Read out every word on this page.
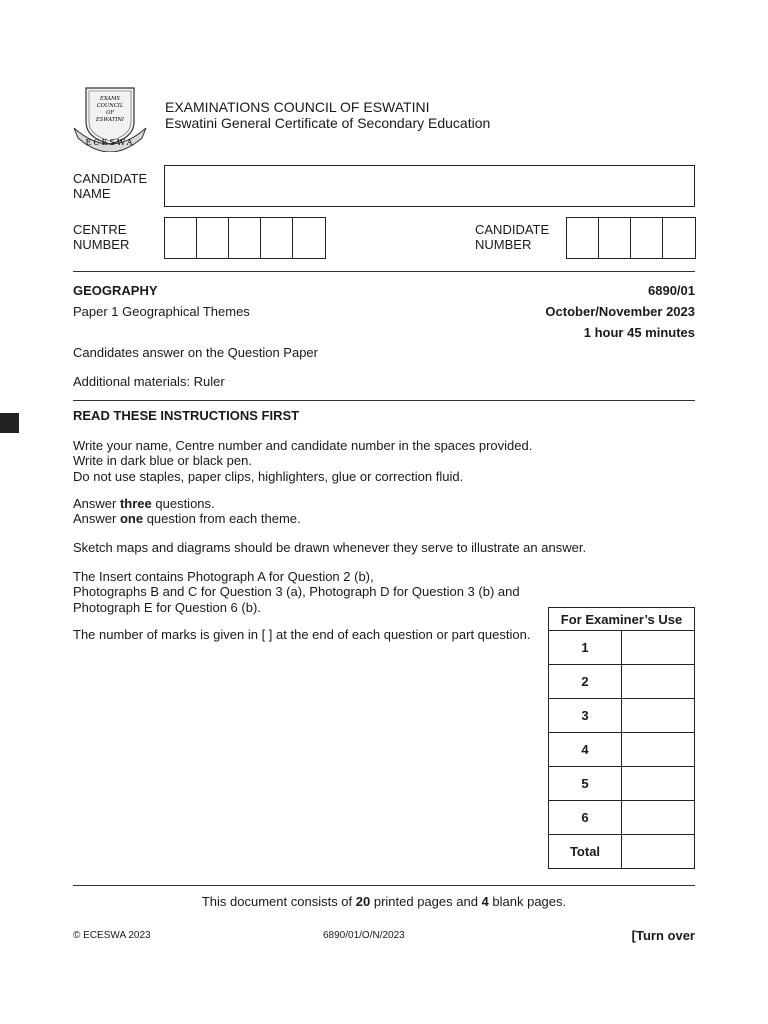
EXAMS
COUNCIL
OF
ESWATINI
ECESWA
EXAMINATIONS COUNCIL OF ESWATINI
Eswatini General Certificate of Secondary Education
CANDIDATE
NAME
CENTRE
NUMBER
CANDIDATE
NUMBER
GEOGRAPHY	6890/01
Paper 1 Geographical Themes	October/November 2023
1 hour 45 minutes
Candidates answer on the Question Paper
Additional materials: Ruler
READ THESE INSTRUCTIONS FIRST
Write your name, Centre number and candidate number in the spaces provided.
Write in dark blue or black pen.
Do not use staples, paper clips, highlighters, glue or correction fluid.
Answer three questions.
Answer one question from each theme.
Sketch maps and diagrams should be drawn whenever they serve to illustrate an answer.
The Insert contains Photograph A for Question 2 (b),
Photographs B and C for Question 3 (a), Photograph D for Question 3 (b) and
Photograph E for Question 6 (b).
The number of marks is given in [ ] at the end of each question or part question.
For Examiner’s Use	
1	
2	
3	
4	
5	
6	
Total	
This document consists of 20 printed pages and 4 blank pages.
© ECESWA 2023	6890/01/O/N/2023	[Turn over
